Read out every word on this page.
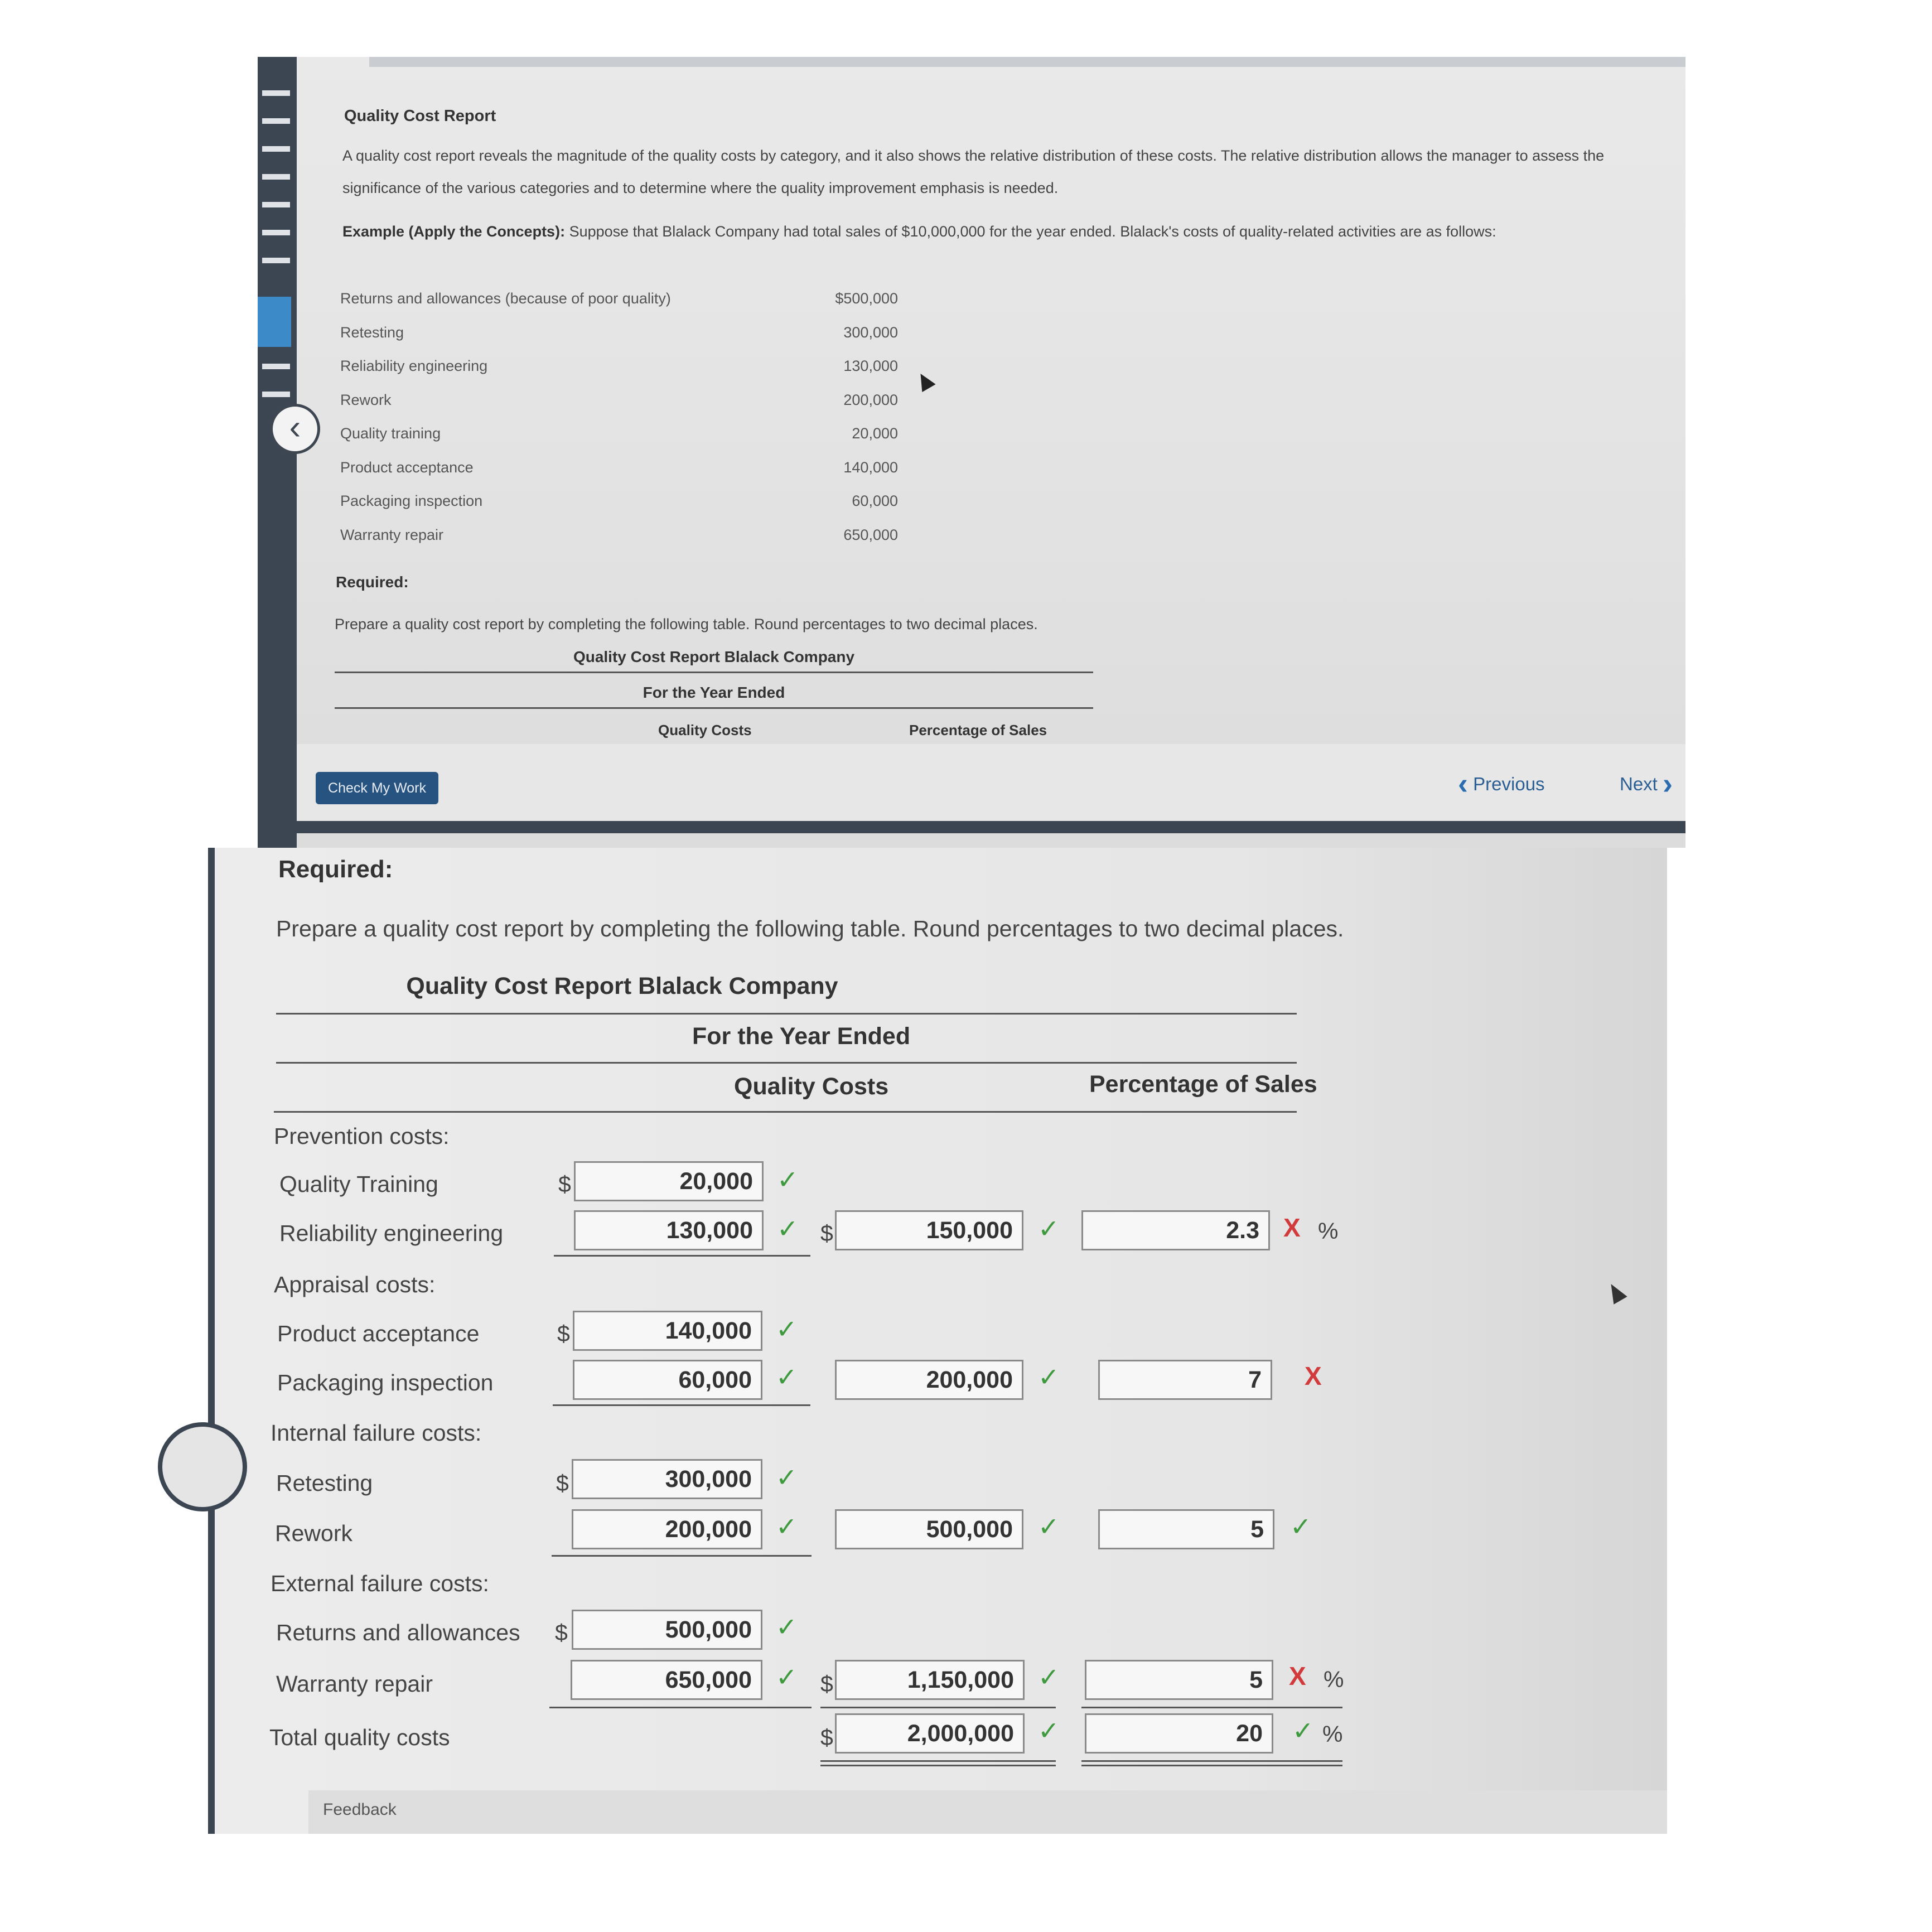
‹
Quality Cost Report
A quality cost report reveals the magnitude of the quality costs by category, and it also shows the relative distribution of these costs. The relative distribution allows the manager to assess the significance of the various categories and to determine where the quality improvement emphasis is needed.
Example (Apply the Concepts): Suppose that Blalack Company had total sales of $10,000,000 for the year ended. Blalack's costs of quality-related activities are as follows:
Returns and allowances (because of poor quality)	$500,000
Retesting	300,000
Reliability engineering	130,000
Rework	200,000
Quality training	20,000
Product acceptance	140,000
Packaging inspection	60,000
Warranty repair	650,000
Required:
Prepare a quality cost report by completing the following table. Round percentages to two decimal places.
Quality Cost Report Blalack Company
For the Year Ended
Quality Costs	Percentage of Sales
Check My Work	‹ Previous	Next ›
Required:
Prepare a quality cost report by completing the following table. Round percentages to two decimal places.
Quality Cost Report Blalack Company
For the Year Ended
Quality Costs	Percentage of Sales
Prevention costs:
Quality Training	$	20,000 ✓
Reliability engineering	130,000 ✓ $	150,000 ✓	2.3 X %
Appraisal costs:
Product acceptance	$	140,000 ✓
Packaging inspection	60,000 ✓	200,000 ✓	7	X
Internal failure costs:
Retesting	$	300,000 ✓
Rework	200,000 ✓	500,000 ✓	5	✓
External failure costs:
Returns and allowances $	500,000 ✓
Warranty repair	650,000 ✓ $	1,150,000 ✓	5	X %
Total quality costs	$	2,000,000 ✓	20	✓ %
Feedback
